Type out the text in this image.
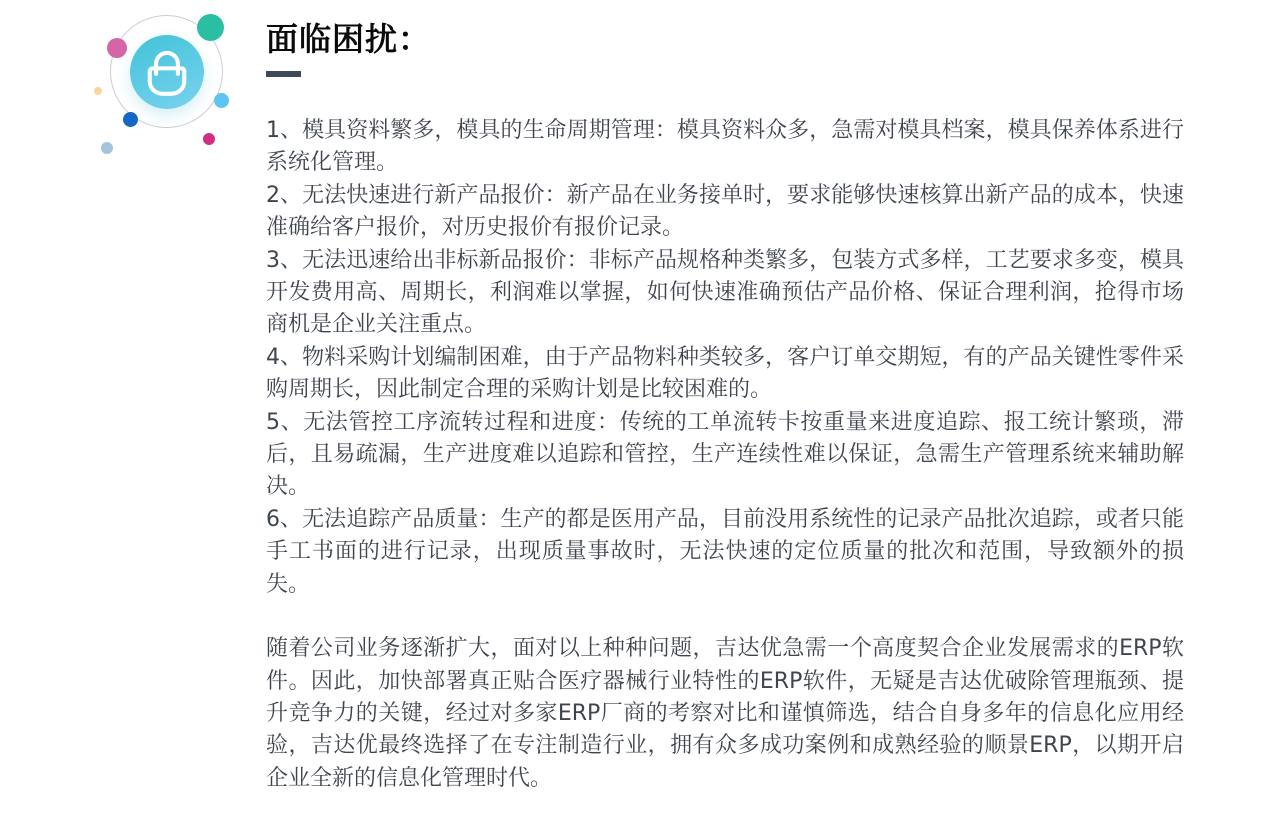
面临困扰：

1、模具资料繁多，模具的生命周期管理：模具资料众多，急需对模具档案，模具保养体系进行系统化管理。

2、无法快速进行新产品报价：新产品在业务接单时，要求能够快速核算出新产品的成本，快速准确给客户报价，对历史报价有报价记录。

3、无法迅速给出非标新品报价：非标产品规格种类繁多，包装方式多样，工艺要求多变，模具开发费用高、周期长，利润难以掌握，如何快速准确预估产品价格、保证合理利润，抢得市场商机是企业关注重点。

4、物料采购计划编制困难，由于产品物料种类较多，客户订单交期短，有的产品关键性零件采购周期长，因此制定合理的采购计划是比较困难的。

5、无法管控工序流转过程和进度：传统的工单流转卡按重量来进度追踪、报工统计繁琐，滞后，且易疏漏，生产进度难以追踪和管控，生产连续性难以保证，急需生产管理系统来辅助解决。

6、无法追踪产品质量：生产的都是医用产品，目前没用系统性的记录产品批次追踪，或者只能手工书面的进行记录，出现质量事故时，无法快速的定位质量的批次和范围，导致额外的损失。

随着公司业务逐渐扩大，面对以上种种问题，吉达优急需一个高度契合企业发展需求的ERP软件。因此，加快部署真正贴合医疗器械行业特性的ERP软件，无疑是吉达优破除管理瓶颈、提升竞争力的关键，经过对多家ERP厂商的考察对比和谨慎筛选，结合自身多年的信息化应用经验，吉达优最终选择了在专注制造行业，拥有众多成功案例和成熟经验的顺景ERP，以期开启企业全新的信息化管理时代。
